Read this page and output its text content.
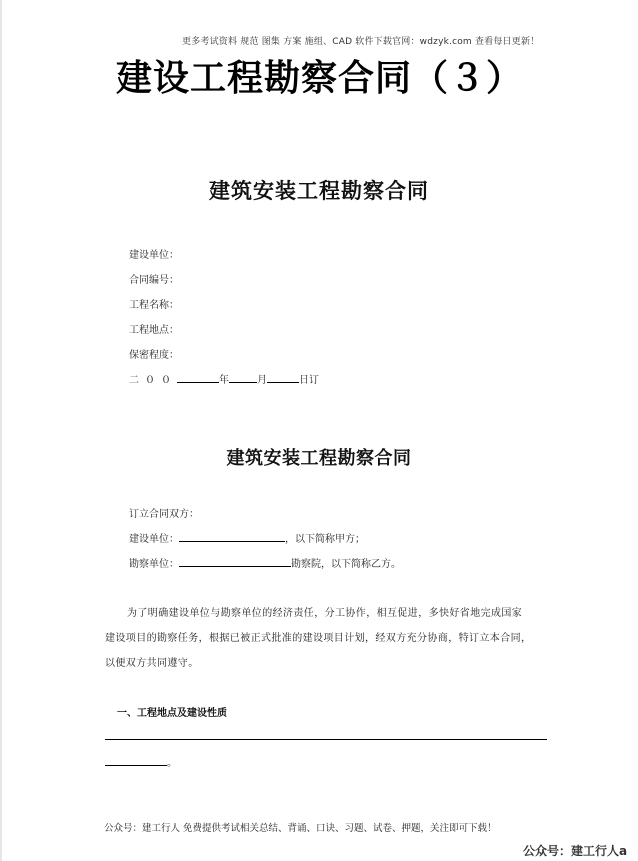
更多考试资料 规范 图集 方案 施组、CAD 软件下载官网：wdzyk.com 查看每日更新！
建设工程勘察合同（３）
建筑安装工程勘察合同
建设单位：
合同编号：
工程名称：
工程地点：
保密程度：
二００	年	月	日订
建筑安装工程勘察合同
订立合同双方：
建设单位：	，以下简称甲方；
勘察单位：	勘察院，以下简称乙方。
为了明确建设单位与勘察单位的经济责任，分工协作，相互促进，多快好省地完成国家
建设项目的勘察任务，根据已被正式批准的建设项目计划，经双方充分协商，特订立本合同，
以便双方共同遵守。
一、工程地点及建设性质
。
公众号：建工行人 免费提供考试相关总结、背诵、口诀、习题、试卷、押题，关注即可下载！
公众号：建工行人a
